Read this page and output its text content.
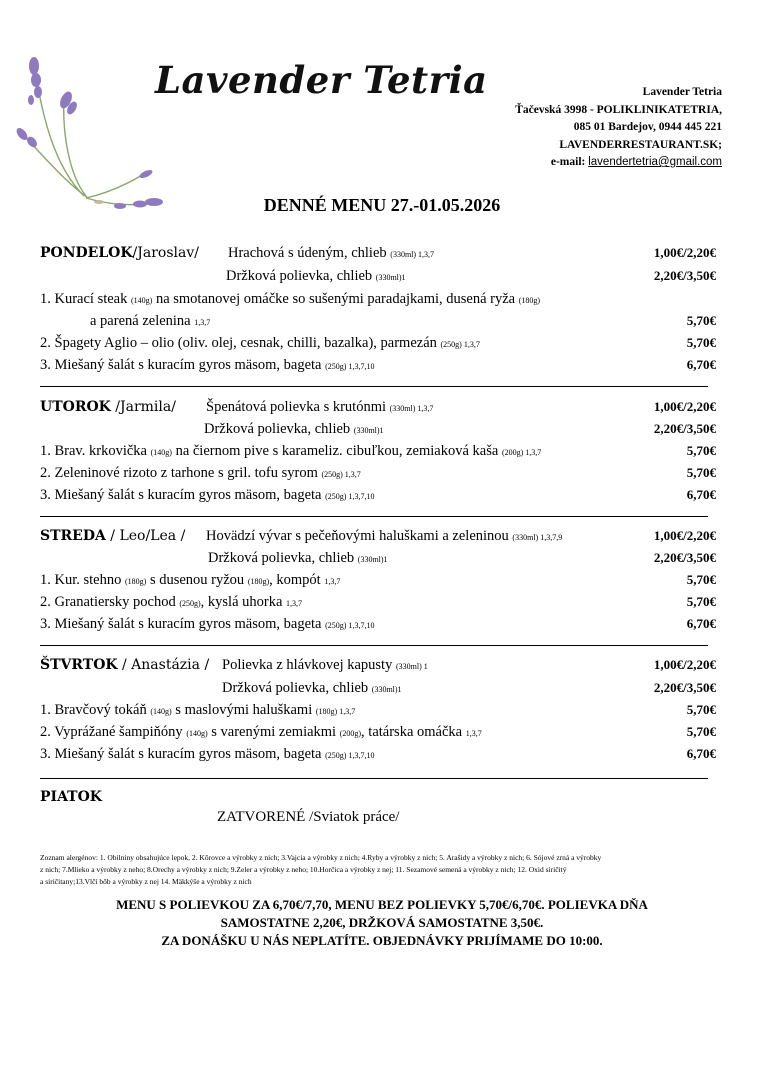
Lavender Tetria	Lavender Tetria
Ťačevská 3998 - POLIKLINIKATETRIA,
085 01 Bardejov, 0944 445 221
LAVENDERRESTAURANT.SK;
e-mail: lavendertetria@gmail.com
DENNÉ MENU 27.-01.05.2026
PONDELOK/Jaroslav/ Hrachová s údeným, chlieb (330ml) 1,3,7	1,00€/2,20€
Držková polievka, chlieb (330ml)1	2,20€/3,50€
1. Kurací steak (140g) na smotanovej omáčke so sušenými paradajkami, dusená ryža (180g)
a parená zelenina 1,3,7	5,70€
2. Špagety Aglio – olio (oliv. olej, cesnak, chilli, bazalka), parmezán (250g) 1,3,7	5,70€
3. Miešaný šalát s kuracím gyros mäsom, bageta (250g) 1,3,7,10	6,70€
UTOROK /Jarmila/ Špenátová polievka s krutónmi (330ml) 1,3,7	1,00€/2,20€
Držková polievka, chlieb (330ml)1	2,20€/3,50€
1. Brav. krkovička (140g) na čiernom pive s karameliz. cibuľkou, zemiaková kaša (200g) 1,3,7	5,70€
2. Zeleninové rizoto z tarhone s gril. tofu syrom (250g) 1,3,7	5,70€
3. Miešaný šalát s kuracím gyros mäsom, bageta (250g) 1,3,7,10	6,70€
STREDA / Leo/Lea / Hovädzí vývar s pečeňovými haluškami a zeleninou (330ml) 1,3,7,9	1,00€/2,20€
Držková polievka, chlieb (330ml)1	2,20€/3,50€
1. Kur. stehno (180g) s dusenou ryžou (180g), kompót 1,3,7	5,70€
2. Granatiersky pochod (250g), kyslá uhorka 1,3,7	5,70€
3. Miešaný šalát s kuracím gyros mäsom, bageta (250g) 1,3,7,10	6,70€
ŠTVRTOK / Anastázia / Polievka z hlávkovej kapusty (330ml) 1	1,00€/2,20€
Držková polievka, chlieb (330ml)1	2,20€/3,50€
1. Bravčový tokáň (140g) s maslovými haluškami (180g) 1,3,7	5,70€
2. Vyprážané šampiňóny (140g) s varenými zemiakmi (200g), tatárska omáčka 1,3,7	5,70€
3. Miešaný šalát s kuracím gyros mäsom, bageta (250g) 1,3,7,10	6,70€
PIATOK
ZATVORENÉ /Sviatok práce/
Zoznam alergénov: 1. Obilniny obsahujúce lepok, 2. Kôrovce a výrobky z nich; 3.Vajcia a výrobky z nich; 4.Ryby a výrobky z nich; 5. Arašidy a výrobky z nich; 6. Sójové zrná a výrobky
z nich; 7.Mlieko a výrobky z neho; 8.Orechy a výrobky z nich; 9.Zeler a výrobky z neho; 10.Horčica a výrobky z nej; 11. Sezamové semená a výrobky z nich; 12. Oxid siričitý
a siričitany;13.Vlčí bôb a výrobky z nej 14. Mäkkýše a výrobky z nich
MENU S POLIEVKOU ZA 6,70€/7,70, MENU BEZ POLIEVKY 5,70€/6,70€. POLIEVKA DŇA
SAMOSTATNE 2,20€, DRŽKOVÁ SAMOSTATNE 3,50€.
ZA DONÁŠKU U NÁS NEPLATÍTE. OBJEDNÁVKY PRIJÍMAME DO 10:00.
